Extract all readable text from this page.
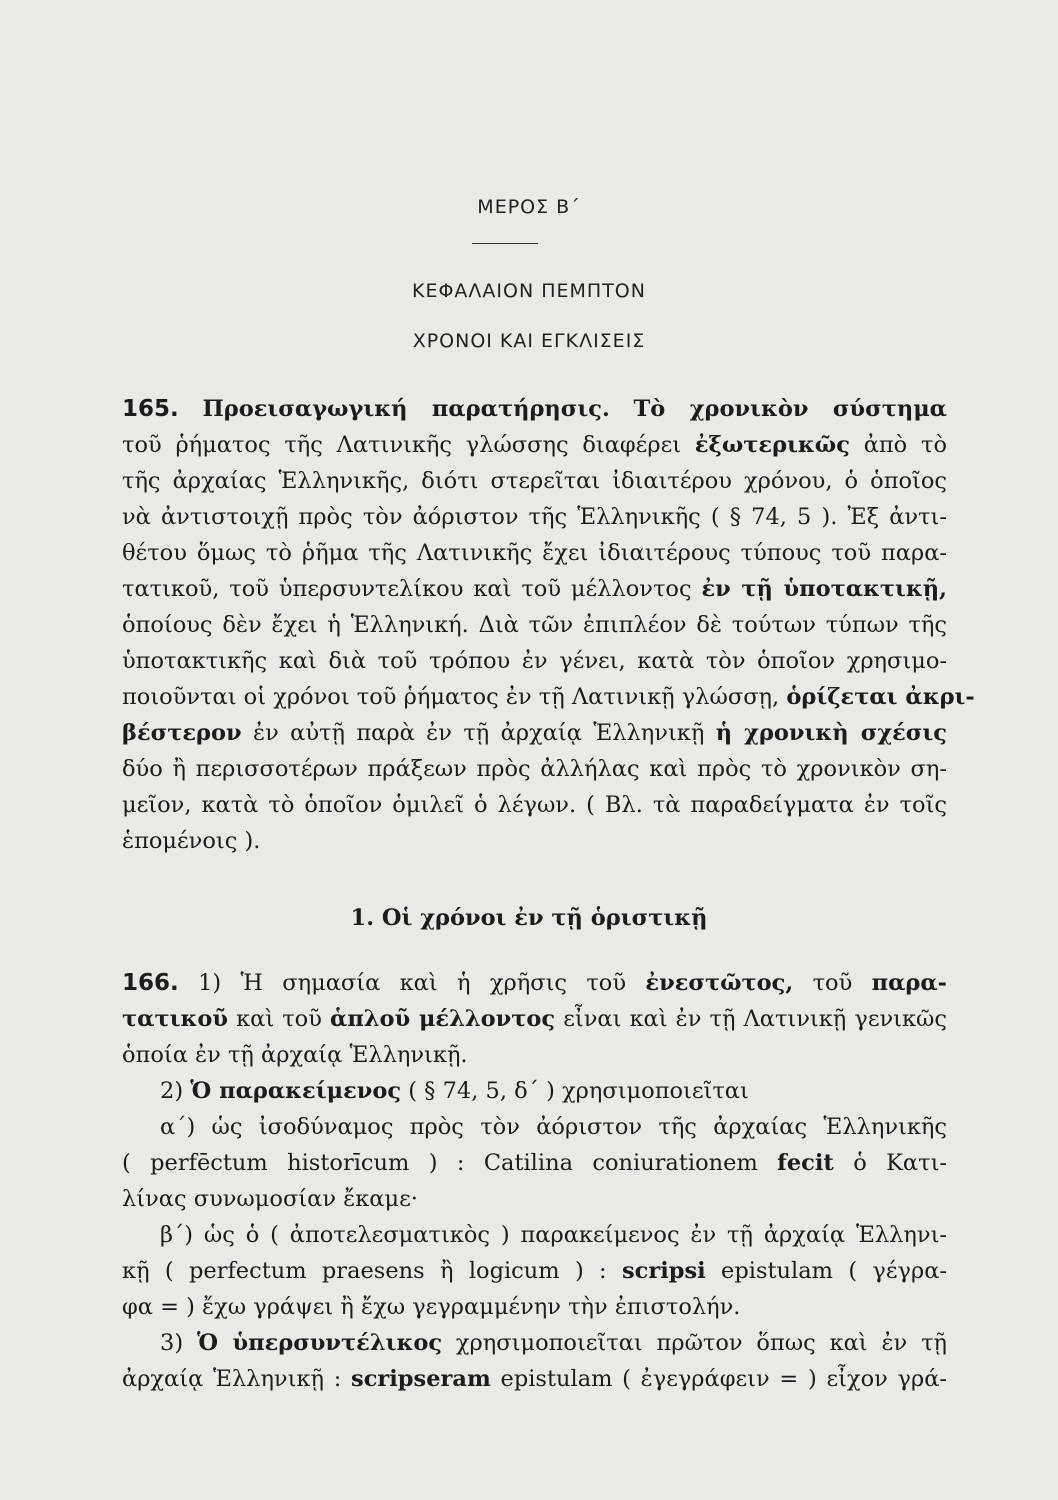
ΜΕΡΟΣ Β΄
ΚΕΦΑΛΑΙΟΝ ΠΕΜΠΤΟΝ
ΧΡΟΝΟΙ ΚΑΙ ΕΓΚΛΙΣΕΙΣ
165. Προεισαγωγική παρατήρησις. Τὸ χρονικὸν σύστημα
τοῦ ῥήματος τῆς Λατινικῆς γλώσσης διαφέρει ἐξωτερικῶς ἀπὸ τὸ
τῆς ἀρχαίας Ἑλληνικῆς, διότι στερεῖται ἰδιαιτέρου χρόνου, ὁ ὁποῖος
νὰ ἀντιστοιχῇ πρὸς τὸν ἀόριστον τῆς Ἑλληνικῆς ( § 74, 5 ). Ἐξ ἀντι-
θέτου ὅμως τὸ ῥῆμα τῆς Λατινικῆς ἔχει ἰδιαιτέρους τύπους τοῦ παρα-
τατικοῦ, τοῦ ὑπερσυντελίκου καὶ τοῦ μέλλοντος ἐν τῇ ὑποτακτικῇ,
ὁποίους δὲν ἔχει ἡ Ἑλληνική. Διὰ τῶν ἐπιπλέον δὲ τούτων τύπων τῆς
ὑποτακτικῆς καὶ διὰ τοῦ τρόπου ἐν γένει, κατὰ τὸν ὁποῖον χρησιμο-
ποιοῦνται οἱ χρόνοι τοῦ ῥήματος ἐν τῇ Λατινικῇ γλώσσῃ, ὁρίζεται ἀκρι-
βέστερον ἐν αὐτῇ παρὰ ἐν τῇ ἀρχαίᾳ Ἑλληνικῇ ἡ χρονικὴ σχέσις
δύο ἢ περισσοτέρων πράξεων πρὸς ἀλλήλας καὶ πρὸς τὸ χρονικὸν ση-
μεῖον, κατὰ τὸ ὁποῖον ὁμιλεῖ ὁ λέγων. ( Βλ. τὰ παραδείγματα ἐν τοῖς
ἑπομένοις ).
1. Οἱ χρόνοι ἐν τῇ ὁριστικῇ
166. 1) Ἡ σημασία καὶ ἡ χρῆσις τοῦ ἐνεστῶτος, τοῦ παρα-
τατικοῦ καὶ τοῦ ἁπλοῦ μέλλοντος εἶναι καὶ ἐν τῇ Λατινικῇ γενικῶς
ὁποία ἐν τῇ ἀρχαίᾳ Ἑλληνικῇ.
2) Ὁ παρακείμενος ( § 74, 5, δ΄ ) χρησιμοποιεῖται
α΄) ὡς ἰσοδύναμος πρὸς τὸν ἀόριστον τῆς ἀρχαίας Ἑλληνικῆς
( perfēctum historīcum ) : Catilina coniurationem fecit ὁ Κατι-
λίνας συνωμοσίαν ἔκαμε·
β΄) ὡς ὁ ( ἀποτελεσματικὸς ) παρακείμενος ἐν τῇ ἀρχαίᾳ Ἑλληνι-
κῇ ( perfectum praesens ἢ logicum ) : scripsi epistulam ( γέγρα-
φα = ) ἔχω γράψει ἢ ἔχω γεγραμμένην τὴν ἐπιστολήν.
3) Ὁ ὑπερσυντέλικος χρησιμοποιεῖται πρῶτον ὅπως καὶ ἐν τῇ
ἀρχαίᾳ Ἑλληνικῇ : scripseram epistulam ( ἐγεγράφειν = ) εἶχον γρά-
